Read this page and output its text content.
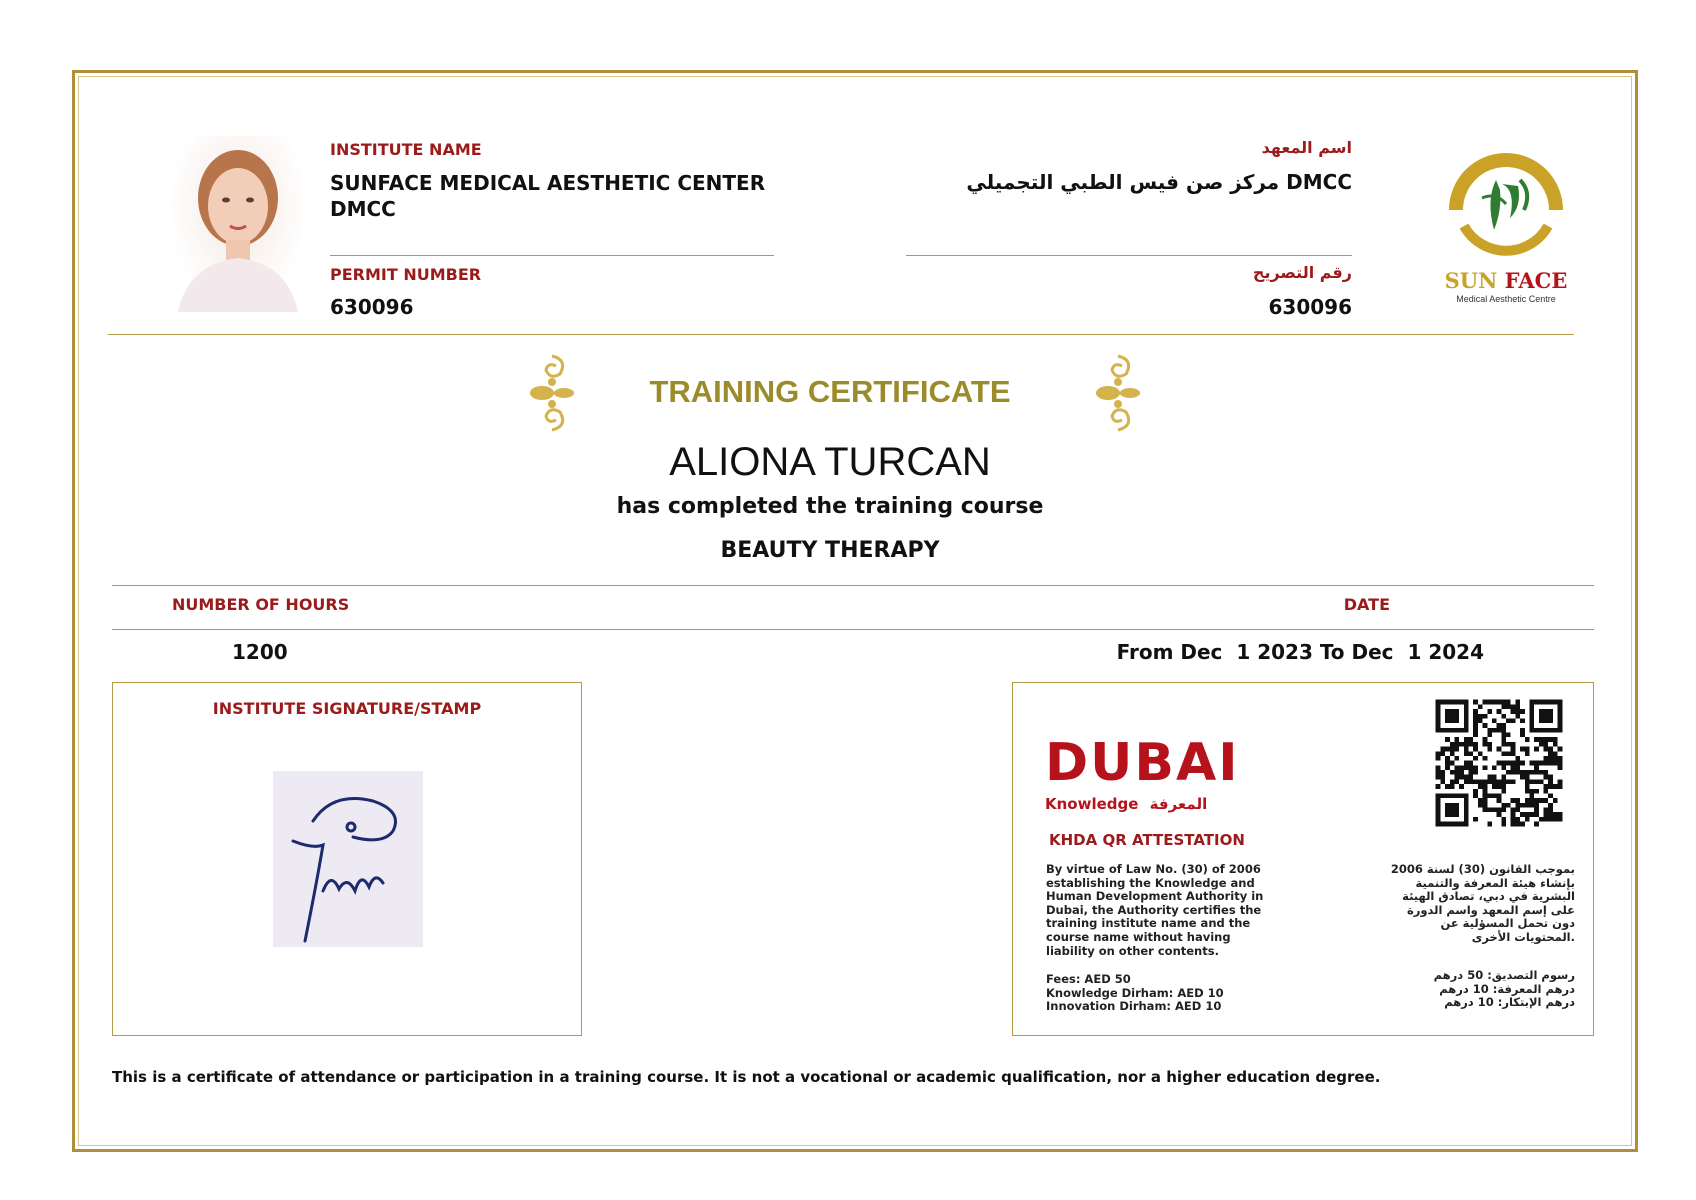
INSTITUTE NAME
SUNFACE MEDICAL AESTHETIC CENTER
DMCC
PERMIT NUMBER
630096
اسم المعهد
DMCC مركز صن فيس الطبي التجميلي
رقم التصريح
630096
SUN FACE
Medical Aesthetic Centre
TRAINING CERTIFICATE
ALIONA TURCAN
has completed the training course
BEAUTY THERAPY
NUMBER OF HOURS	DATE
1200	From Dec  1 2023 To Dec  1 2024
INSTITUTE SIGNATURE/STAMP
DUBAI
Knowledge المعرفة
KHDA QR ATTESTATION
By virtue of Law No. (30) of 2006
establishing the Knowledge and
Human Development Authority in
Dubai, the Authority certifies the
training institute name and the
course name without having
liability on other contents.
Fees: AED 50
Knowledge Dirham: AED 10
Innovation Dirham: AED 10
بموجب القانون (30) لسنة 2006
بإنشاء هيئة المعرفة والتنمية
البشرية في دبي، تصادق الهيئة
على إسم المعهد واسم الدورة
دون تحمل المسؤلية عن
.المحتويات الأخرى
رسوم التصديق: 50 درهم
درهم المعرفة: 10 درهم
درهم الإبتكار: 10 درهم
This is a certificate of attendance or participation in a training course. It is not a vocational or academic qualification, nor a higher education degree.
